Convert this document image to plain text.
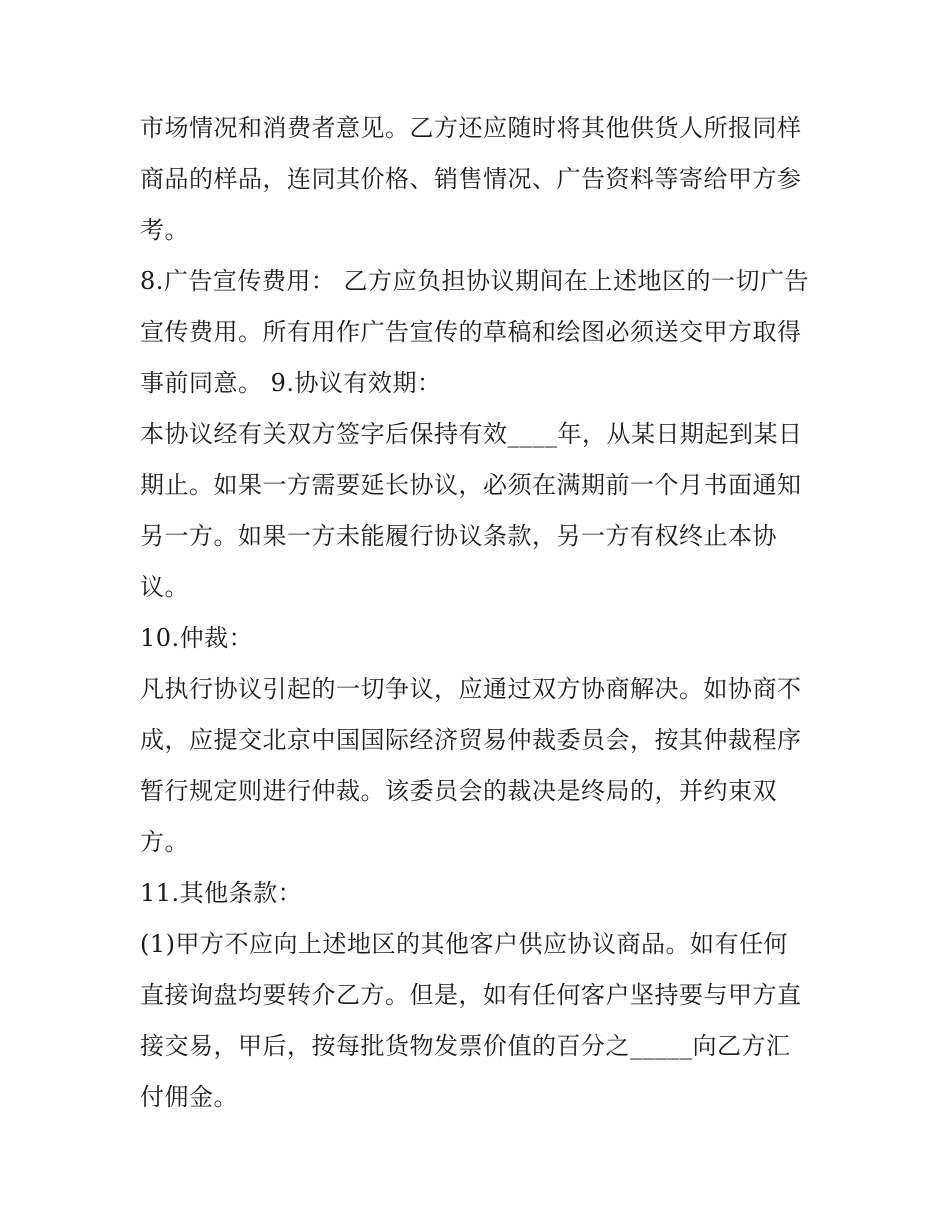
市场情况和消费者意见。乙方还应随时将其他供货人所报同样
商品的样品，连同其价格、销售情况、广告资料等寄给甲方参
考。
8.广告宣传费用： 乙方应负担协议期间在上述地区的一切广告
宣传费用。所有用作广告宣传的草稿和绘图必须送交甲方取得
事前同意。 9.协议有效期：
本协议经有关双方签字后保持有效____年，从某日期起到某日
期止。如果一方需要延长协议，必须在满期前一个月书面通知
另一方。如果一方未能履行协议条款，另一方有权终止本协
议。
10.仲裁：
凡执行协议引起的一切争议，应通过双方协商解决。如协商不
成，应提交北京中国国际经济贸易仲裁委员会，按其仲裁程序
暂行规定则进行仲裁。该委员会的裁决是终局的，并约束双
方。
11.其他条款：
(1)甲方不应向上述地区的其他客户供应协议商品。如有任何
直接询盘均要转介乙方。但是，如有任何客户坚持要与甲方直
接交易，甲后，按每批货物发票价值的百分之_____向乙方汇
付佣金。
